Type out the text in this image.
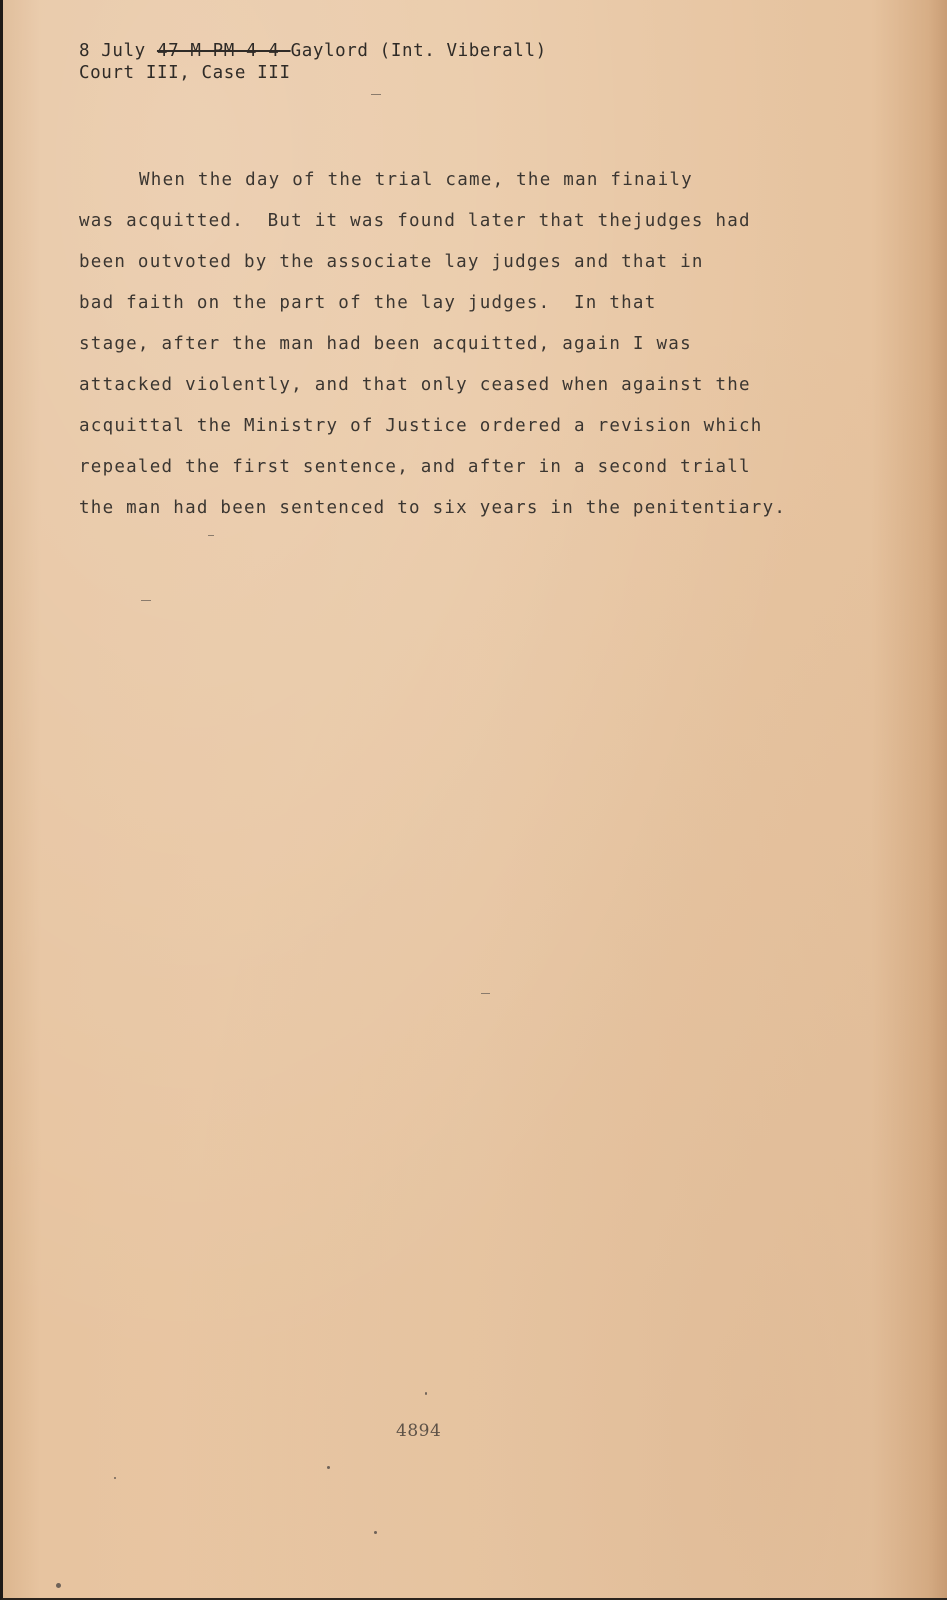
8 July 47-M-PM-4-4-Gaylord (Int. Viberall)
Court III, Case III
When the day of the trial came, the man finaily
was acquitted.  But it was found later that thejudges had
been outvoted by the associate lay judges and that in
bad faith on the part of the lay judges.  In that
stage, after the man had been acquitted, again I was
attacked violently, and that only ceased when against the
acquittal the Ministry of Justice ordered a revision which
repealed the first sentence, and after in a second triall
the man had been sentenced to six years in the penitentiary.
4894
